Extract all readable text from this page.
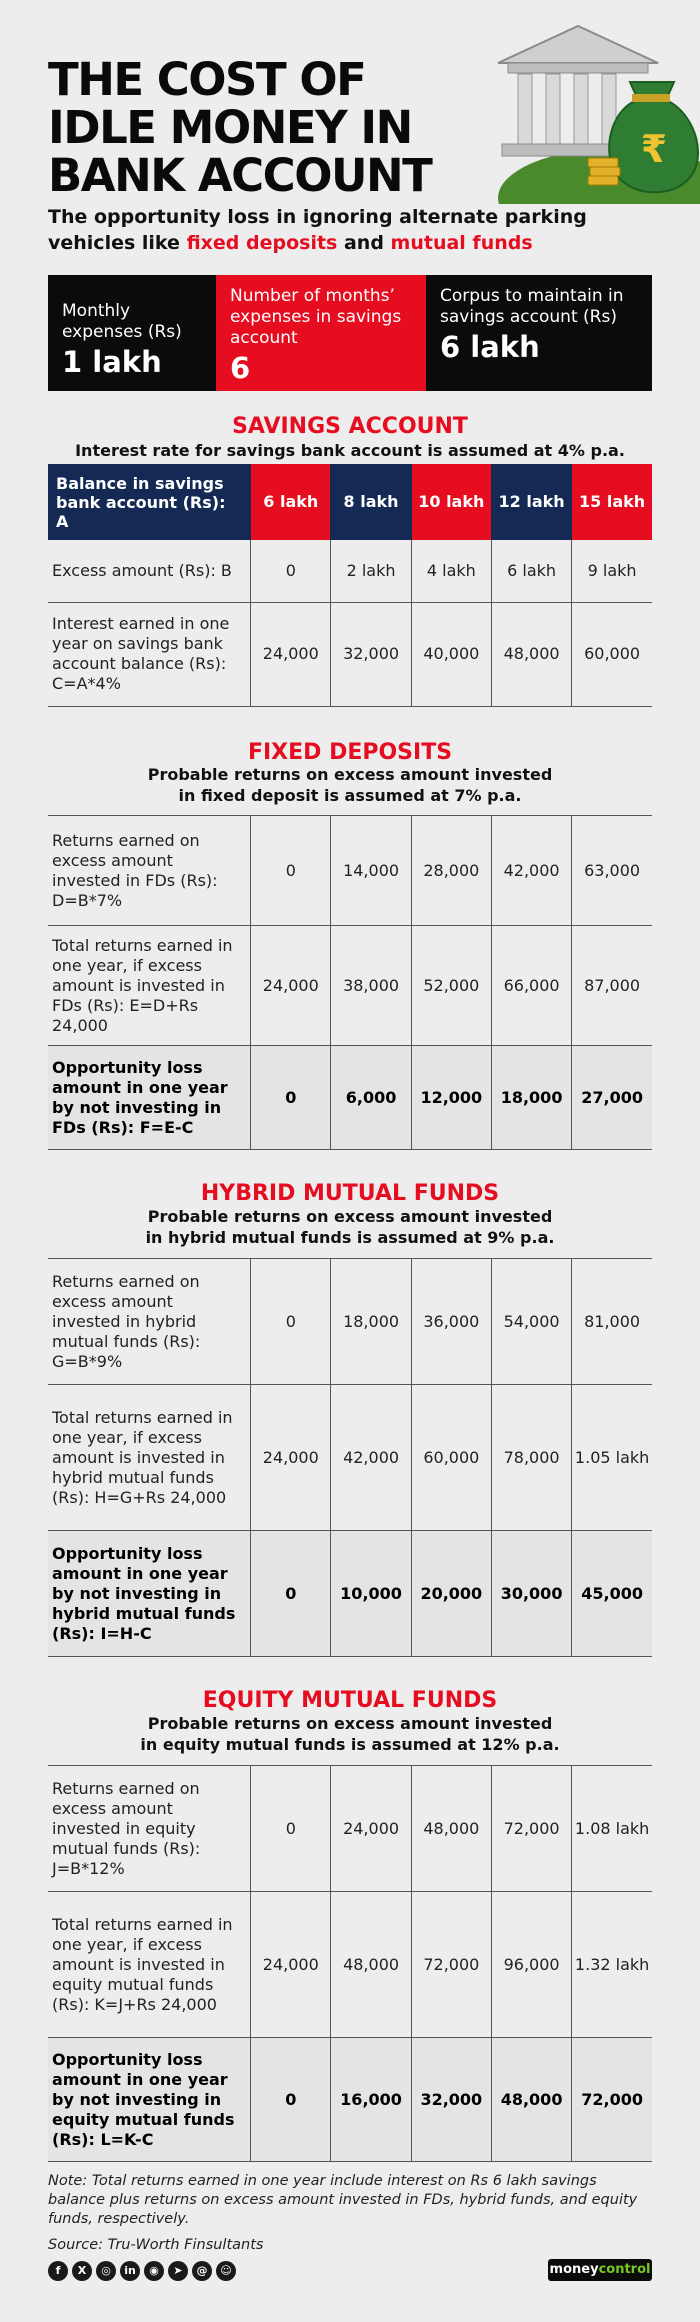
THE COST OF
IDLE MONEY IN
BANK ACCOUNT	₹

The opportunity loss in ignoring alternate parking vehicles like fixed deposits and mutual funds

Monthly expenses (Rs)
1 lakh
Number of months’ expenses in savings account
6
Corpus to maintain in savings account (Rs)
6 lakh
SAVINGS ACCOUNT
Interest rate for savings bank account is assumed at 4% p.a.
Balance in savings bank account (Rs): A	6 lakh	8 lakh	10 lakh	12 lakh	15 lakh
Excess amount (Rs): B	0	2 lakh	4 lakh	6 lakh	9 lakh
Interest earned in one year on savings bank account balance (Rs): C=A*4%	24,000	32,000	40,000	48,000	60,000
FIXED DEPOSITS
Probable returns on excess amount invested
in fixed deposit is assumed at 7% p.a.
Returns earned on excess amount invested in FDs (Rs): D=B*7%	0	14,000	28,000	42,000	63,000
Total returns earned in one year, if excess amount is invested in FDs (Rs): E=D+Rs 24,000	24,000	38,000	52,000	66,000	87,000
Opportunity loss amount in one year by not investing in FDs (Rs): F=E-C	0	6,000	12,000	18,000	27,000
HYBRID MUTUAL FUNDS
Probable returns on excess amount invested
in hybrid mutual funds is assumed at 9% p.a.
Returns earned on excess amount invested in hybrid mutual funds (Rs): G=B*9%	0	18,000	36,000	54,000	81,000
Total returns earned in one year, if excess amount is invested in hybrid mutual funds (Rs): H=G+Rs 24,000	24,000	42,000	60,000	78,000	1.05 lakh
Opportunity loss amount in one year by not investing in hybrid mutual funds (Rs): I=H-C	0	10,000	20,000	30,000	45,000
EQUITY MUTUAL FUNDS
Probable returns on excess amount invested
in equity mutual funds is assumed at 12% p.a.
Returns earned on excess amount invested in equity mutual funds (Rs): J=B*12%	0	24,000	48,000	72,000	1.08 lakh
Total returns earned in one year, if excess amount is invested in equity mutual funds (Rs): K=J+Rs 24,000	24,000	48,000	72,000	96,000	1.32 lakh
Opportunity loss amount in one year by not investing in equity mutual funds (Rs): L=K-C	0	16,000	32,000	48,000	72,000

Note: Total returns earned in one year include interest on Rs 6 lakh savings balance plus returns on excess amount invested in FDs, hybrid funds, and equity funds, respectively.

Source: Tru-Worth Finsultants

f	X	◎	in	◉	➤	@	☺	moneycontrol
